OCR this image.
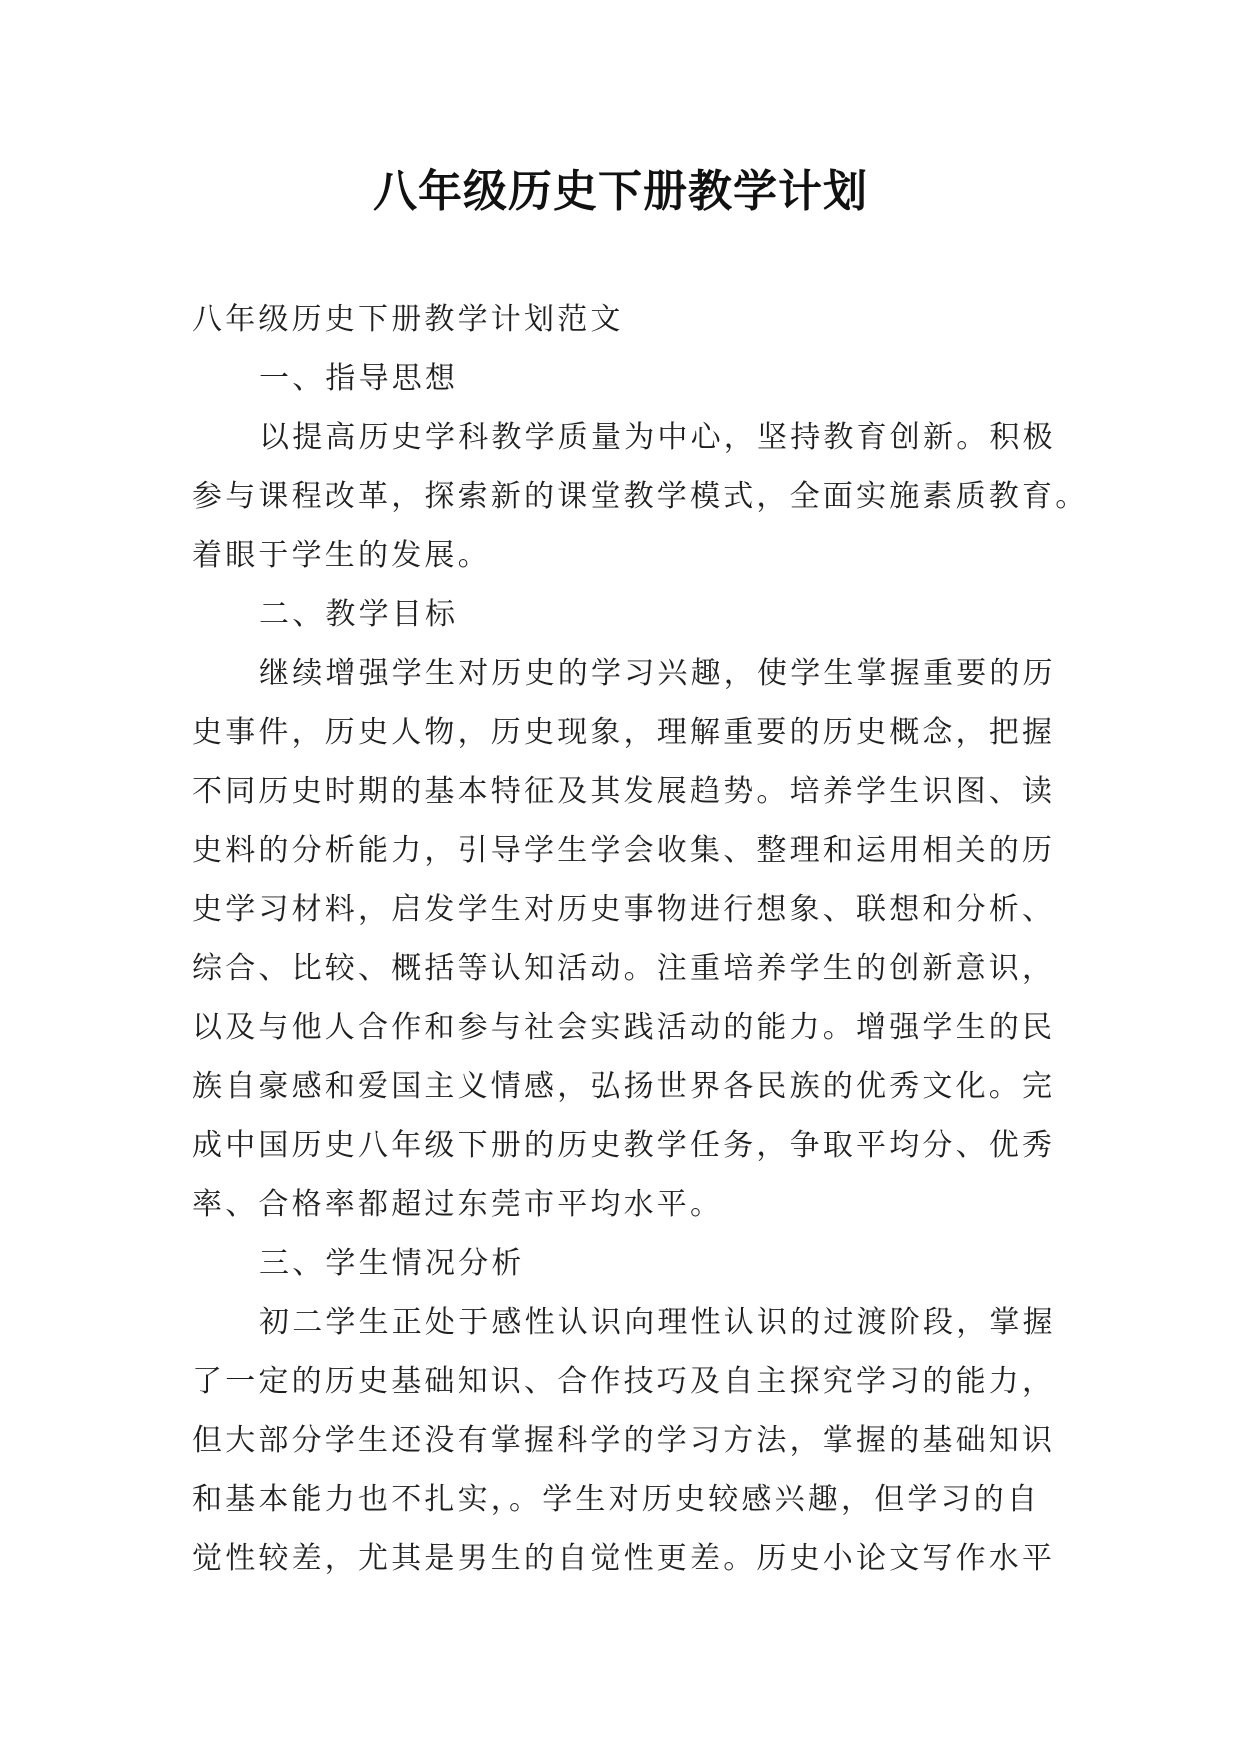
八年级历史下册教学计划
八年级历史下册教学计划范文
一、指导思想
以提高历史学科教学质量为中心，坚持教育创新。积极
参与课程改革，探索新的课堂教学模式，全面实施素质教育。
着眼于学生的发展。
二、教学目标
继续增强学生对历史的学习兴趣，使学生掌握重要的历
史事件，历史人物，历史现象，理解重要的历史概念，把握
不同历史时期的基本特征及其发展趋势。培养学生识图、读
史料的分析能力，引导学生学会收集、整理和运用相关的历
史学习材料，启发学生对历史事物进行想象、联想和分析、
综合、比较、概括等认知活动。注重培养学生的创新意识，
以及与他人合作和参与社会实践活动的能力。增强学生的民
族自豪感和爱国主义情感，弘扬世界各民族的优秀文化。完
成中国历史八年级下册的历史教学任务，争取平均分、优秀
率、合格率都超过东莞市平均水平。
三、学生情况分析
初二学生正处于感性认识向理性认识的过渡阶段，掌握
了一定的历史基础知识、合作技巧及自主探究学习的能力，
但大部分学生还没有掌握科学的学习方法，掌握的基础知识
和基本能力也不扎实，。学生对历史较感兴趣，但学习的自
觉性较差，尤其是男生的自觉性更差。历史小论文写作水平
